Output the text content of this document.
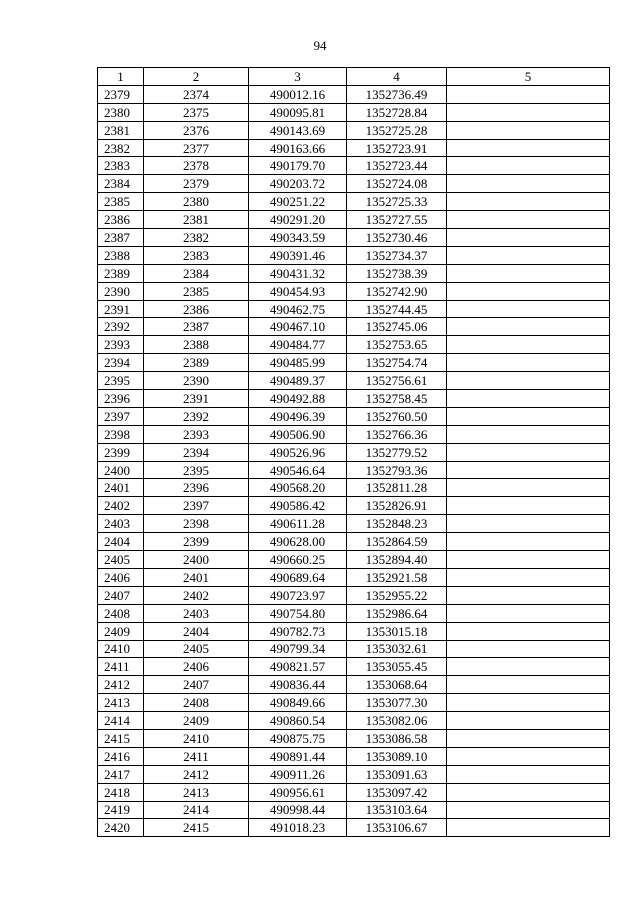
94
1	2	3	4	5
2379	2374	490012.16	1352736.49	
2380	2375	490095.81	1352728.84	
2381	2376	490143.69	1352725.28	
2382	2377	490163.66	1352723.91	
2383	2378	490179.70	1352723.44	
2384	2379	490203.72	1352724.08	
2385	2380	490251.22	1352725.33	
2386	2381	490291.20	1352727.55	
2387	2382	490343.59	1352730.46	
2388	2383	490391.46	1352734.37	
2389	2384	490431.32	1352738.39	
2390	2385	490454.93	1352742.90	
2391	2386	490462.75	1352744.45	
2392	2387	490467.10	1352745.06	
2393	2388	490484.77	1352753.65	
2394	2389	490485.99	1352754.74	
2395	2390	490489.37	1352756.61	
2396	2391	490492.88	1352758.45	
2397	2392	490496.39	1352760.50	
2398	2393	490506.90	1352766.36	
2399	2394	490526.96	1352779.52	
2400	2395	490546.64	1352793.36	
2401	2396	490568.20	1352811.28	
2402	2397	490586.42	1352826.91	
2403	2398	490611.28	1352848.23	
2404	2399	490628.00	1352864.59	
2405	2400	490660.25	1352894.40	
2406	2401	490689.64	1352921.58	
2407	2402	490723.97	1352955.22	
2408	2403	490754.80	1352986.64	
2409	2404	490782.73	1353015.18	
2410	2405	490799.34	1353032.61	
2411	2406	490821.57	1353055.45	
2412	2407	490836.44	1353068.64	
2413	2408	490849.66	1353077.30	
2414	2409	490860.54	1353082.06	
2415	2410	490875.75	1353086.58	
2416	2411	490891.44	1353089.10	
2417	2412	490911.26	1353091.63	
2418	2413	490956.61	1353097.42	
2419	2414	490998.44	1353103.64	
2420	2415	491018.23	1353106.67	
